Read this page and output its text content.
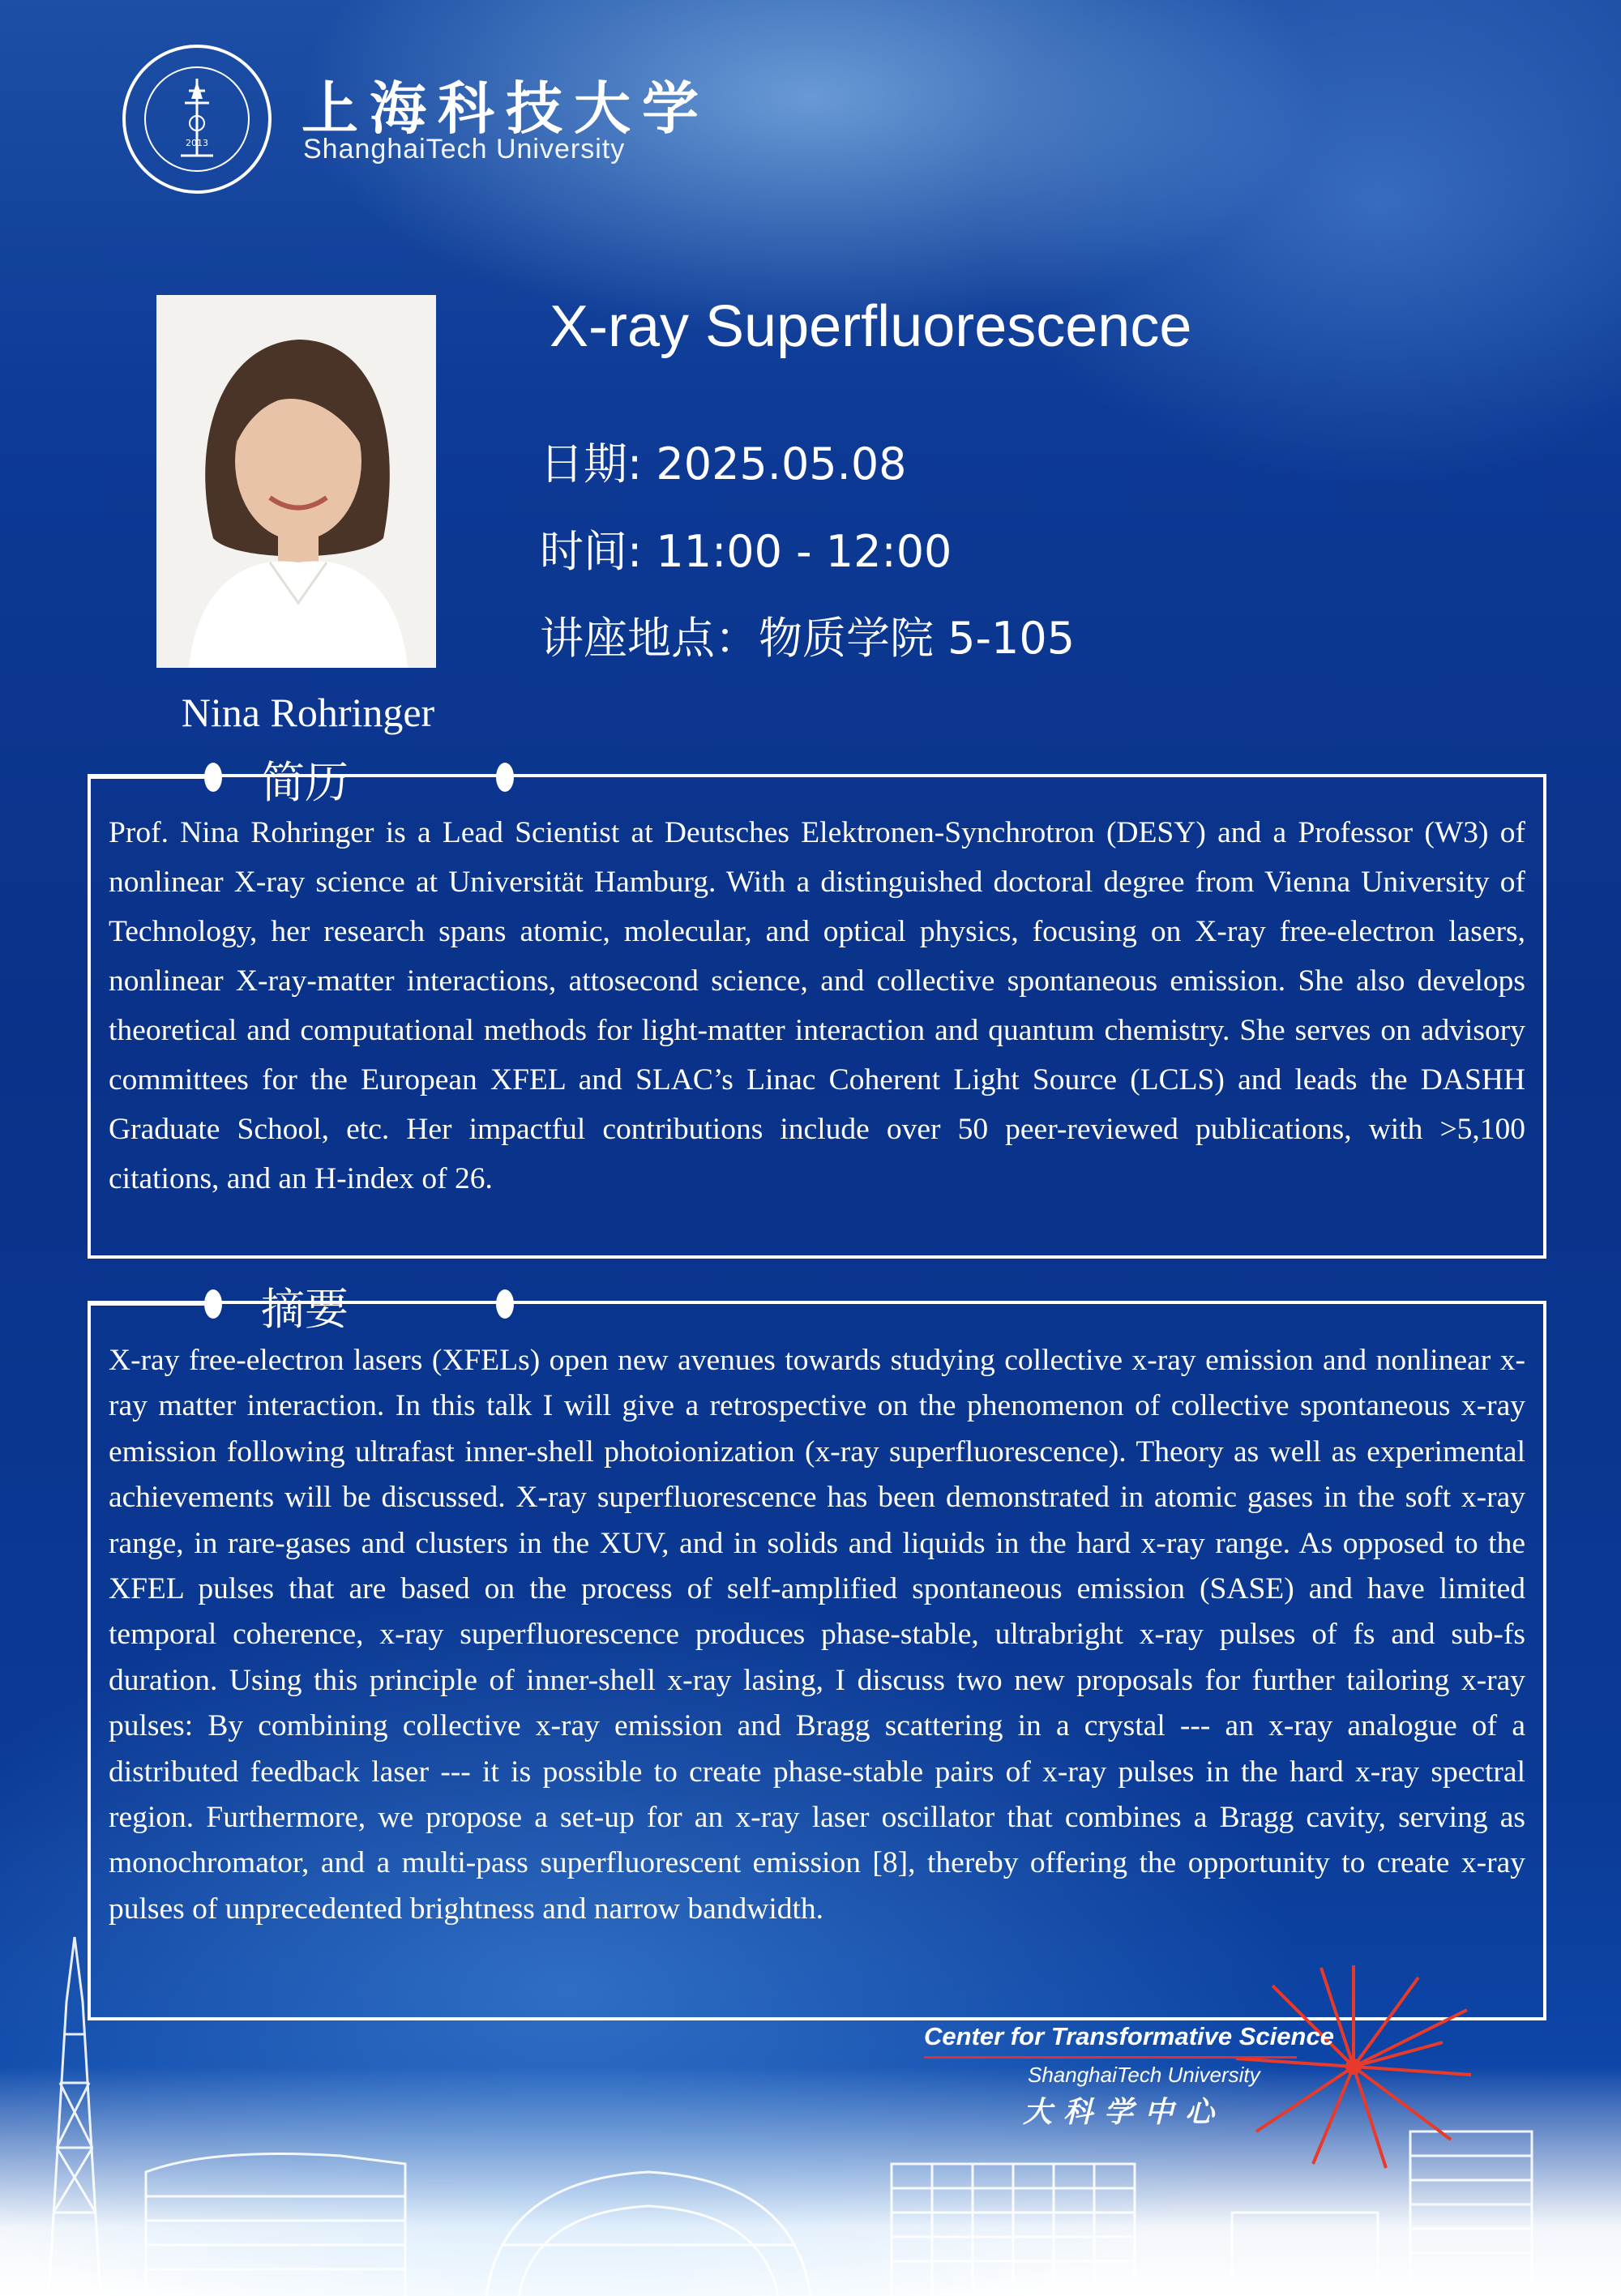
2013
上海科技大学
ShanghaiTech University
Nina Rohringer
X-ray Superfluorescence
日期: 2025.05.08
时间: 11:00 - 12:00
讲座地点：物质学院 5-105
简历
Prof. Nina Rohringer is a Lead Scientist at Deutsches Elektronen-Synchrotron (DESY) and a Professor (W3) of nonlinear X-ray science at Universität Hamburg. With a distinguished doctoral degree from Vienna University of Technology, her research spans atomic, molecular, and optical physics, focusing on X-ray free-electron lasers, nonlinear X-ray-matter interactions, attosecond science, and collective spontaneous emission. She also develops theoretical and computational methods for light-matter interaction and quantum chemistry. She serves on advisory committees for the European XFEL and SLAC’s Linac Coherent Light Source (LCLS) and leads the DASHH Graduate School, etc. Her impactful contributions include over 50 peer-reviewed publications, with >5,100 citations, and an H-index of 26.
摘要
X-ray free-electron lasers (XFELs) open new avenues towards studying collective x-ray emission and nonlinear x-ray matter interaction. In this talk I will give a retrospective on the phenomenon of collective spontaneous x-ray emission following ultrafast inner-shell photoionization (x-ray superfluorescence). Theory as well as experimental achievements will be discussed. X-ray superfluorescence has been demonstrated in atomic gases in the soft x-ray range, in rare-gases and clusters in the XUV, and in solids and liquids in the hard x-ray range. As opposed to the XFEL pulses that are based on the process of self-amplified spontaneous emission (SASE) and have limited temporal coherence, x-ray superfluorescence produces phase-stable, ultrabright x-ray pulses of fs and sub-fs duration. Using this principle of inner-shell x-ray lasing, I discuss two new proposals for further tailoring x-ray pulses: By combining collective x-ray emission and Bragg scattering in a crystal --- an x-ray analogue of a distributed feedback laser --- it is possible to create phase-stable pairs of x-ray pulses in the hard x-ray spectral region. Furthermore, we propose a set-up for an x-ray laser oscillator that combines a Bragg cavity, serving as monochromator, and a multi-pass superfluorescent emission [8], thereby offering the opportunity to create x-ray pulses of unprecedented brightness and narrow bandwidth.
Center for Transformative Science
ShanghaiTech University
大科学中心
